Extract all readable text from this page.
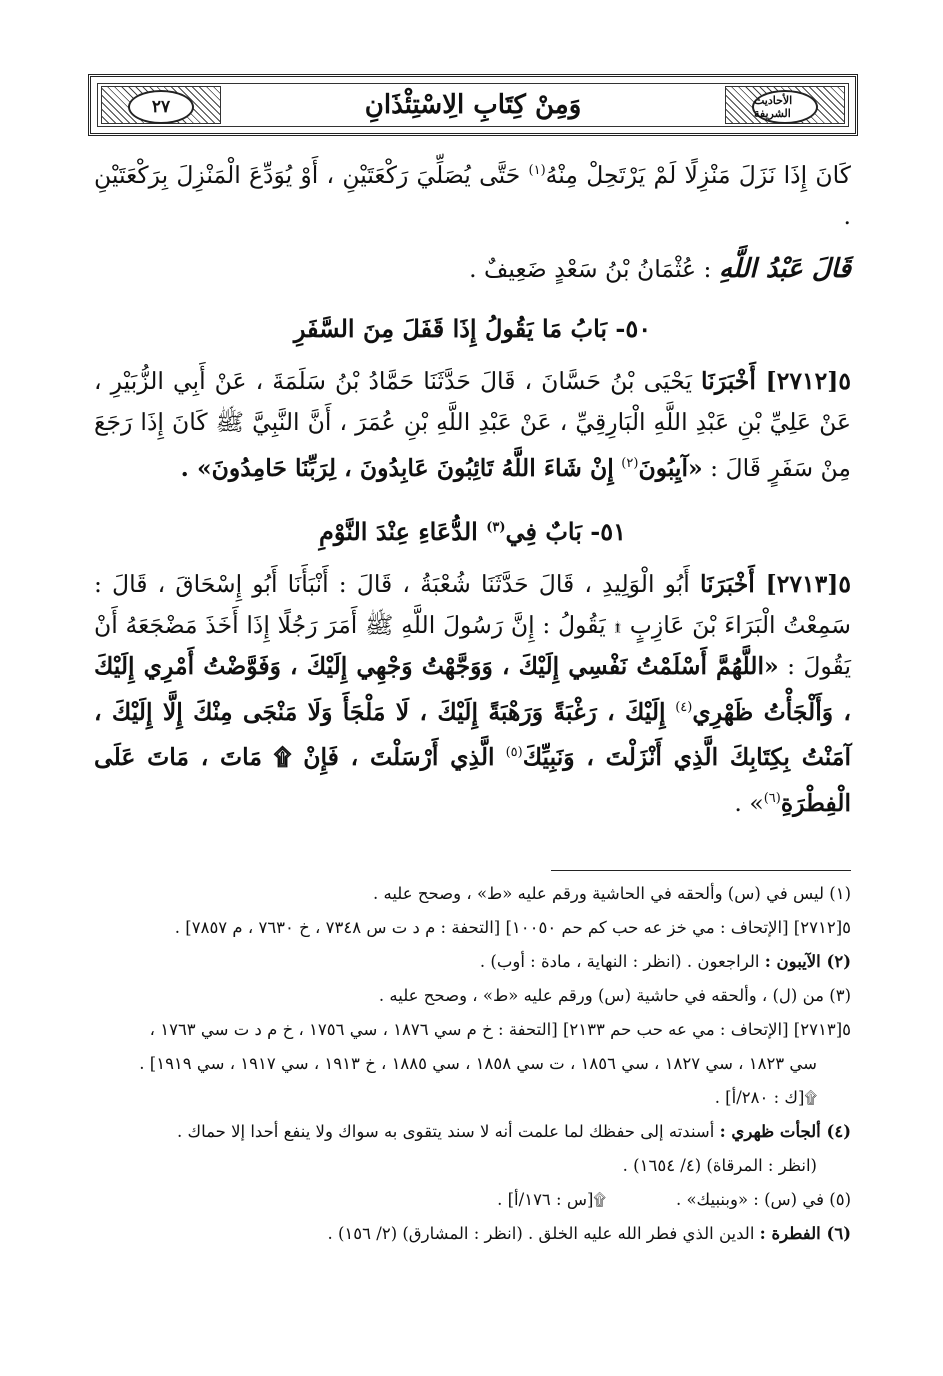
٢٧	وَمِنْ كِتَابِ الِاسْتِئْذَانِ	الأحاديث الشريفة

كَانَ إِذَا نَزَلَ مَنْزِلًا لَمْ يَرْتَحِلْ مِنْهُ$^{(١)}$ حَتَّى يُصَلِّيَ رَكْعَتَيْنِ ، أَوْ يُوَدِّعَ الْمَنْزِلَ بِرَكْعَتَيْنِ .

قَالَ عَبْدُ اللَّهِ : عُثْمَانُ بْنُ سَعْدٍ ضَعِيفٌ .

٥٠- بَابُ مَا يَقُولُ إِذَا قَفَلَ مِنَ السَّفَرِ

٥[٢٧١٢] أَخْبَرَنَا يَحْيَى بْنُ حَسَّانَ ، قَالَ حَدَّثَنَا حَمَّادُ بْنُ سَلَمَةَ ، عَنْ أَبِي الزُّبَيْرِ ، عَنْ عَلِيِّ بْنِ عَبْدِ اللَّهِ الْبَارِقِيِّ ، عَنْ عَبْدِ اللَّهِ بْنِ عُمَرَ ، أَنَّ النَّبِيَّ ﷺ كَانَ إِذَا رَجَعَ مِنْ سَفَرٍ قَالَ : «آيِبُونَ$^{(٢)}$ إِنْ شَاءَ اللَّهُ تَائِبُونَ عَابِدُونَ ، لِرَبِّنَا حَامِدُونَ» .

٥١- بَابٌ فِي$^{(٣)}$ الدُّعَاءِ عِنْدَ النَّوْمِ

٥[٢٧١٣] أَخْبَرَنَا أَبُو الْوَلِيدِ ، قَالَ حَدَّثَنَا شُعْبَةُ ، قَالَ : أَنْبَأَنَا أَبُو إِسْحَاقَ ، قَالَ : سَمِعْتُ الْبَرَاءَ بْنَ عَازِبٍ ۩ يَقُولُ : إِنَّ رَسُولَ اللَّهِ ﷺ أَمَرَ رَجُلًا إِذَا أَخَذَ مَضْجَعَهُ أَنْ يَقُولَ : «اللَّهُمَّ أَسْلَمْتُ نَفْسِي إِلَيْكَ ، وَوَجَّهْتُ وَجْهِي إِلَيْكَ ، وَفَوَّضْتُ أَمْرِي إِلَيْكَ ، وَأَلْجَأْتُ ظَهْرِي$^{(٤)}$ إِلَيْكَ ، رَغْبَةً وَرَهْبَةً إِلَيْكَ ، لَا مَلْجَأَ وَلَا مَنْجَى مِنْكَ إِلَّا إِلَيْكَ ، آمَنْتُ بِكِتَابِكَ الَّذِي أَنْزَلْتَ ، وَنَبِيِّكَ$^{(٥)}$ الَّذِي أَرْسَلْتَ ، فَإِنْ ۩ مَاتَ ، مَاتَ عَلَى الْفِطْرَةِ$^{(٦)}$» .

(١) ليس في (س) وألحقه في الحاشية ورقم عليه «ط» ، وصحح عليه .

٥[٢٧١٢] [الإتحاف : مي خز عه حب كم حم ١٠٠٥٠] [التحفة : م د ت س ٧٣٤٨ ، خ ٧٦٣٠ ، م ٧٨٥٧] .

(٢) الآيبون : الراجعون . (انظر : النهاية ، مادة : أوب) .

(٣) من (ل) ، وألحقه في حاشية (س) ورقم عليه «ط» ، وصحح عليه .

٥[٢٧١٣] [الإتحاف : مي عه حب حم ٢١٣٣] [التحفة : خ م سي ١٨٧٦ ، سي ١٧٥٦ ، خ م د ت سي ١٧٦٣ ،

سي ١٨٢٣ ، سي ١٨٢٧ ، سي ١٨٥٦ ، ت سي ١٨٥٨ ، سي ١٨٨٥ ، خ ١٩١٣ ، سي ١٩١٧ ، سي ١٩١٩] .

۩[ك : ٢٨٠/أ] .

(٤) ألجأت ظهري : أسندته إلى حفظك لما علمت أنه لا سند يتقوى به سواك ولا ينفع أحدا إلا حماك .

(انظر : المرقاة) (٤/ ١٦٥٤) .

(٥) في (س) : «وبنبيك» .
۩[س : ١٧٦/أ] .

(٦) الفطرة : الدين الذي فطر الله عليه الخلق . (انظر : المشارق) (٢/ ١٥٦) .
